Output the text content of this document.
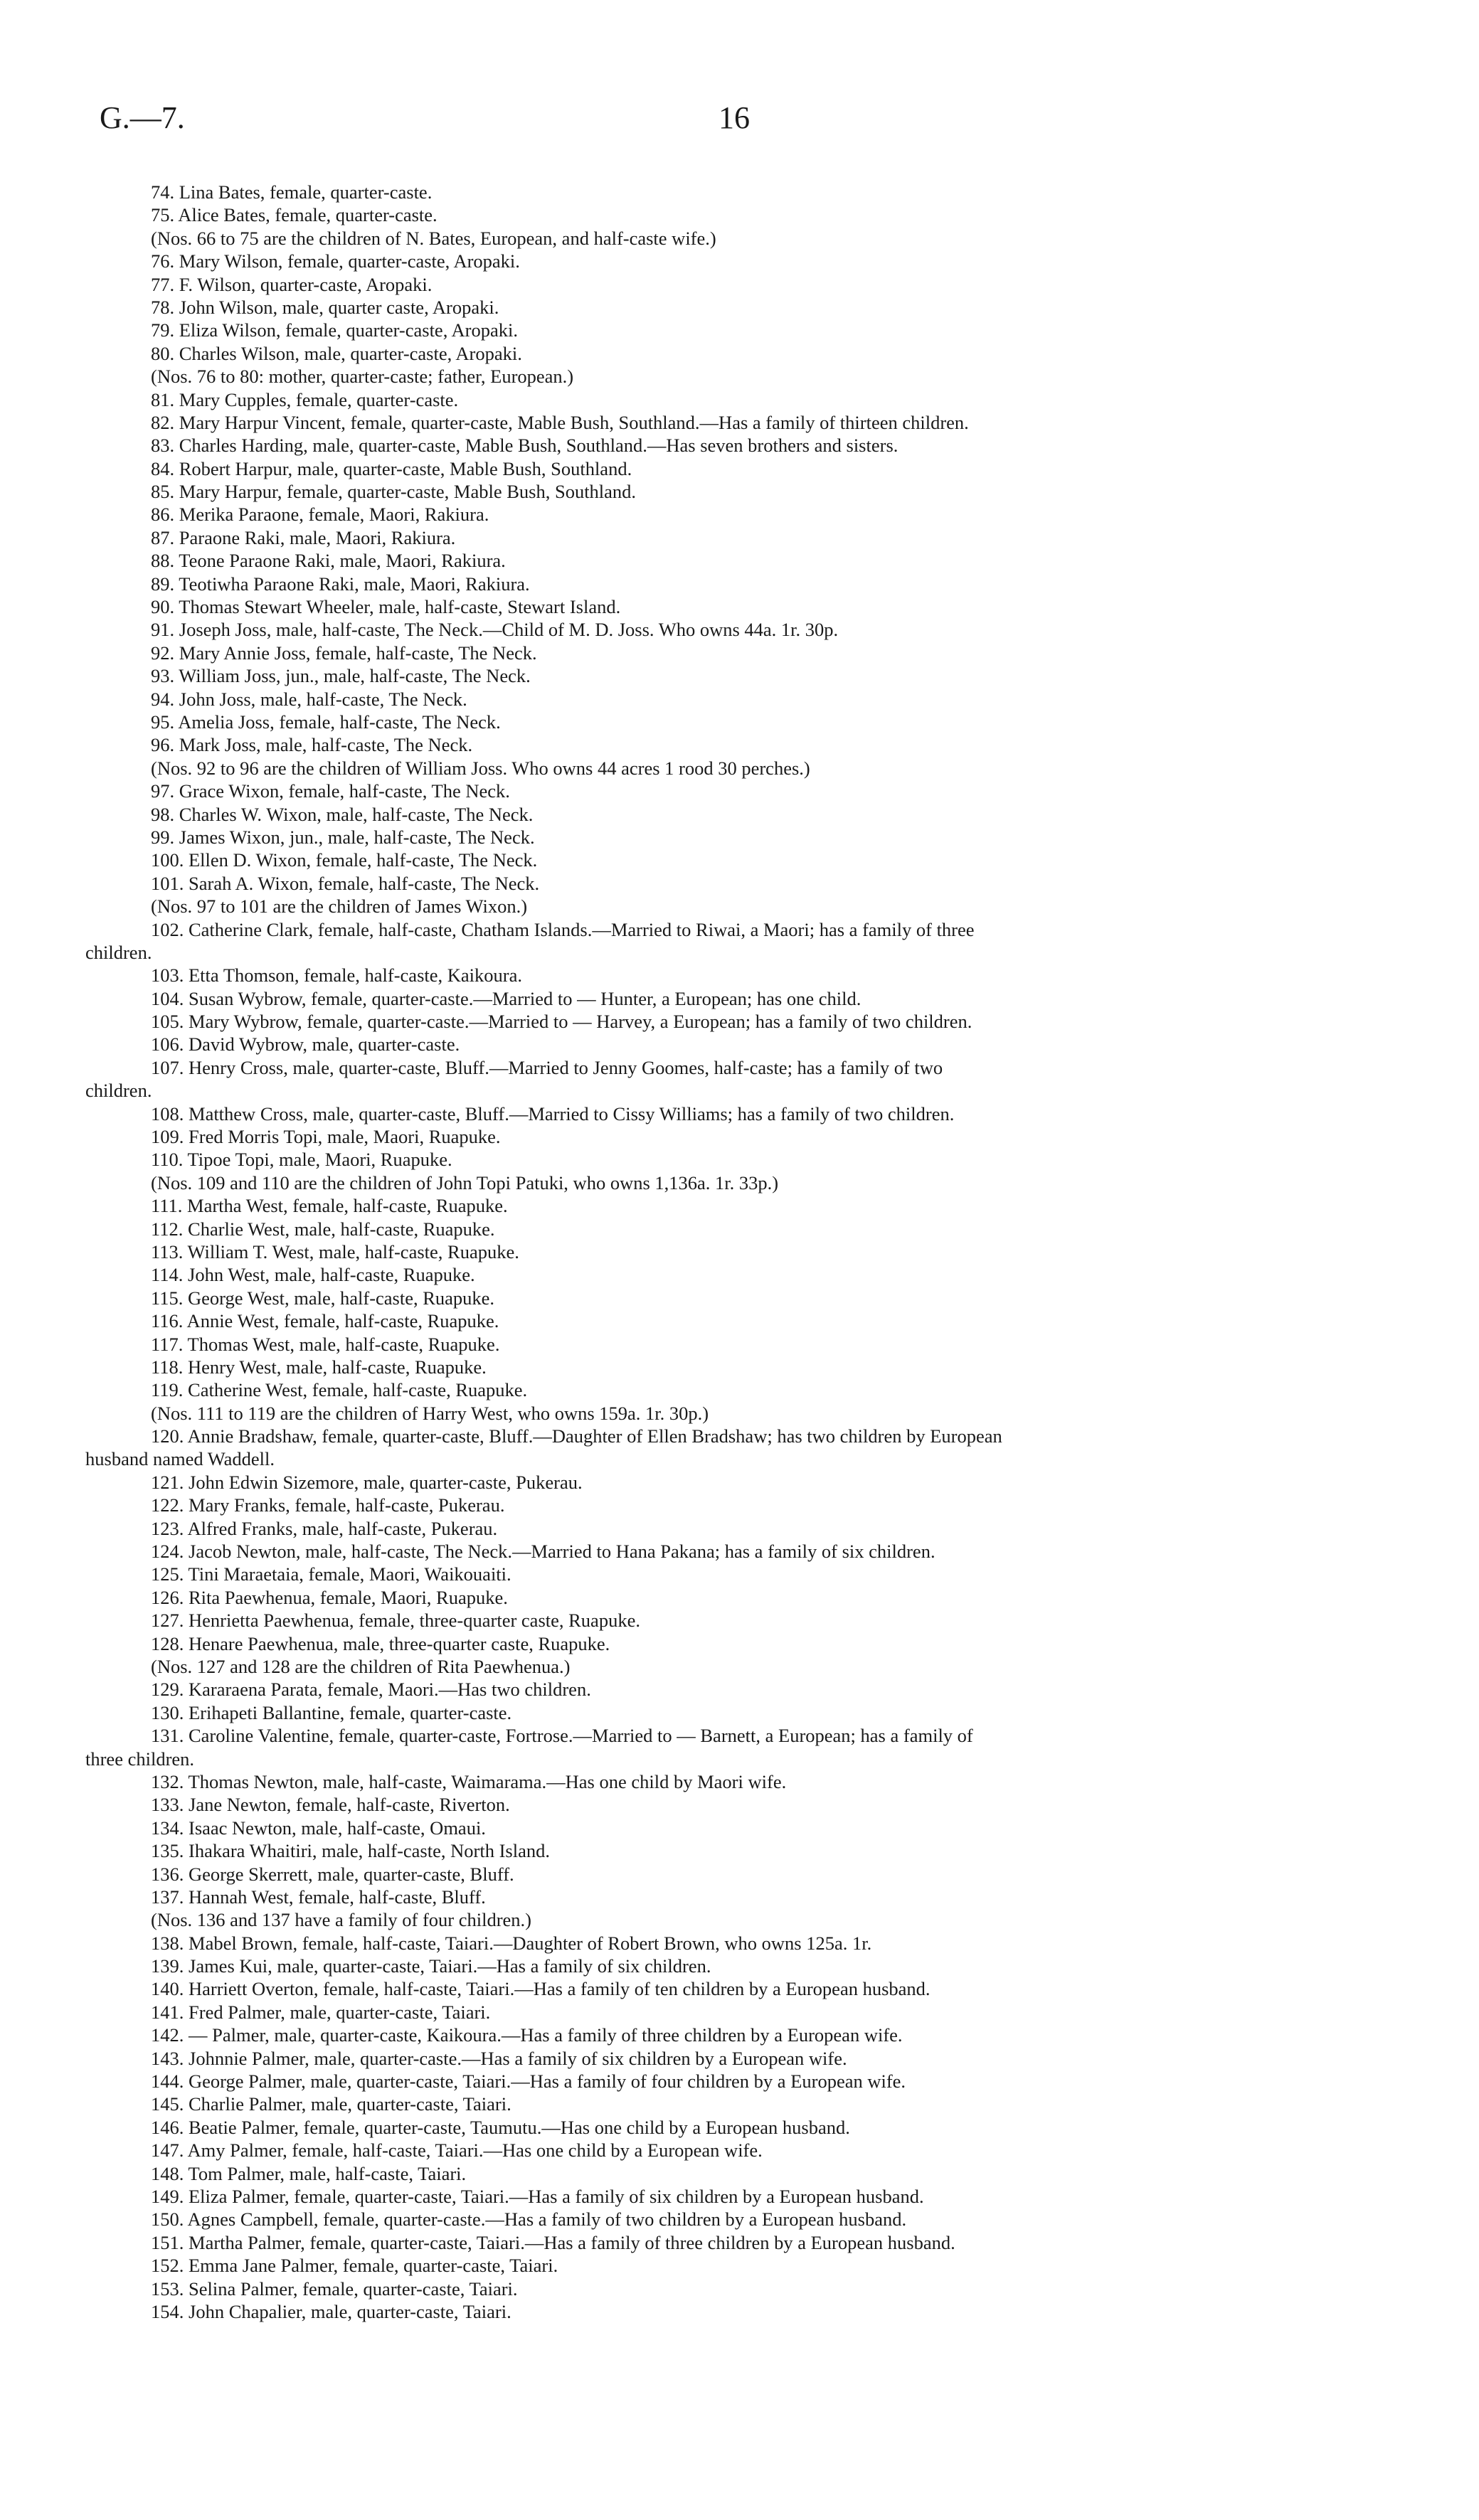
G.—7.	16
74. Lina Bates, female, quarter-caste.
75. Alice Bates, female, quarter-caste.
(Nos. 66 to 75 are the children of N. Bates, European, and half-caste wife.)
76. Mary Wilson, female, quarter-caste, Aropaki.
77. F. Wilson, quarter-caste, Aropaki.
78. John Wilson, male, quarter caste, Aropaki.
79. Eliza Wilson, female, quarter-caste, Aropaki.
80. Charles Wilson, male, quarter-caste, Aropaki.
(Nos. 76 to 80: mother, quarter-caste; father, European.)
81. Mary Cupples, female, quarter-caste.
82. Mary Harpur Vincent, female, quarter-caste, Mable Bush, Southland.—Has a family of thirteen children.
83. Charles Harding, male, quarter-caste, Mable Bush, Southland.—Has seven brothers and sisters.
84. Robert Harpur, male, quarter-caste, Mable Bush, Southland.
85. Mary Harpur, female, quarter-caste, Mable Bush, Southland.
86. Merika Paraone, female, Maori, Rakiura.
87. Paraone Raki, male, Maori, Rakiura.
88. Teone Paraone Raki, male, Maori, Rakiura.
89. Teotiwha Paraone Raki, male, Maori, Rakiura.
90. Thomas Stewart Wheeler, male, half-caste, Stewart Island.
91. Joseph Joss, male, half-caste, The Neck.—Child of M. D. Joss. Who owns 44a. 1r. 30p.
92. Mary Annie Joss, female, half-caste, The Neck.
93. William Joss, jun., male, half-caste, The Neck.
94. John Joss, male, half-caste, The Neck.
95. Amelia Joss, female, half-caste, The Neck.
96. Mark Joss, male, half-caste, The Neck.
(Nos. 92 to 96 are the children of William Joss. Who owns 44 acres 1 rood 30 perches.)
97. Grace Wixon, female, half-caste, The Neck.
98. Charles W. Wixon, male, half-caste, The Neck.
99. James Wixon, jun., male, half-caste, The Neck.
100. Ellen D. Wixon, female, half-caste, The Neck.
101. Sarah A. Wixon, female, half-caste, The Neck.
(Nos. 97 to 101 are the children of James Wixon.)
102. Catherine Clark, female, half-caste, Chatham Islands.—Married to Riwai, a Maori; has a family of three
children.
103. Etta Thomson, female, half-caste, Kaikoura.
104. Susan Wybrow, female, quarter-caste.—Married to — Hunter, a European; has one child.
105. Mary Wybrow, female, quarter-caste.—Married to — Harvey, a European; has a family of two children.
106. David Wybrow, male, quarter-caste.
107. Henry Cross, male, quarter-caste, Bluff.—Married to Jenny Goomes, half-caste; has a family of two
children.
108. Matthew Cross, male, quarter-caste, Bluff.—Married to Cissy Williams; has a family of two children.
109. Fred Morris Topi, male, Maori, Ruapuke.
110. Tipoe Topi, male, Maori, Ruapuke.
(Nos. 109 and 110 are the children of John Topi Patuki, who owns 1,136a. 1r. 33p.)
111. Martha West, female, half-caste, Ruapuke.
112. Charlie West, male, half-caste, Ruapuke.
113. William T. West, male, half-caste, Ruapuke.
114. John West, male, half-caste, Ruapuke.
115. George West, male, half-caste, Ruapuke.
116. Annie West, female, half-caste, Ruapuke.
117. Thomas West, male, half-caste, Ruapuke.
118. Henry West, male, half-caste, Ruapuke.
119. Catherine West, female, half-caste, Ruapuke.
(Nos. 111 to 119 are the children of Harry West, who owns 159a. 1r. 30p.)
120. Annie Bradshaw, female, quarter-caste, Bluff.—Daughter of Ellen Bradshaw; has two children by European
husband named Waddell.
121. John Edwin Sizemore, male, quarter-caste, Pukerau.
122. Mary Franks, female, half-caste, Pukerau.
123. Alfred Franks, male, half-caste, Pukerau.
124. Jacob Newton, male, half-caste, The Neck.—Married to Hana Pakana; has a family of six children.
125. Tini Maraetaia, female, Maori, Waikouaiti.
126. Rita Paewhenua, female, Maori, Ruapuke.
127. Henrietta Paewhenua, female, three-quarter caste, Ruapuke.
128. Henare Paewhenua, male, three-quarter caste, Ruapuke.
(Nos. 127 and 128 are the children of Rita Paewhenua.)
129. Kararaena Parata, female, Maori.—Has two children.
130. Erihapeti Ballantine, female, quarter-caste.
131. Caroline Valentine, female, quarter-caste, Fortrose.—Married to — Barnett, a European; has a family of
three children.
132. Thomas Newton, male, half-caste, Waimarama.—Has one child by Maori wife.
133. Jane Newton, female, half-caste, Riverton.
134. Isaac Newton, male, half-caste, Omaui.
135. Ihakara Whaitiri, male, half-caste, North Island.
136. George Skerrett, male, quarter-caste, Bluff.
137. Hannah West, female, half-caste, Bluff.
(Nos. 136 and 137 have a family of four children.)
138. Mabel Brown, female, half-caste, Taiari.—Daughter of Robert Brown, who owns 125a. 1r.
139. James Kui, male, quarter-caste, Taiari.—Has a family of six children.
140. Harriett Overton, female, half-caste, Taiari.—Has a family of ten children by a European husband.
141. Fred Palmer, male, quarter-caste, Taiari.
142. — Palmer, male, quarter-caste, Kaikoura.—Has a family of three children by a European wife.
143. Johnnie Palmer, male, quarter-caste.—Has a family of six children by a European wife.
144. George Palmer, male, quarter-caste, Taiari.—Has a family of four children by a European wife.
145. Charlie Palmer, male, quarter-caste, Taiari.
146. Beatie Palmer, female, quarter-caste, Taumutu.—Has one child by a European husband.
147. Amy Palmer, female, half-caste, Taiari.—Has one child by a European wife.
148. Tom Palmer, male, half-caste, Taiari.
149. Eliza Palmer, female, quarter-caste, Taiari.—Has a family of six children by a European husband.
150. Agnes Campbell, female, quarter-caste.—Has a family of two children by a European husband.
151. Martha Palmer, female, quarter-caste, Taiari.—Has a family of three children by a European husband.
152. Emma Jane Palmer, female, quarter-caste, Taiari.
153. Selina Palmer, female, quarter-caste, Taiari.
154. John Chapalier, male, quarter-caste, Taiari.
